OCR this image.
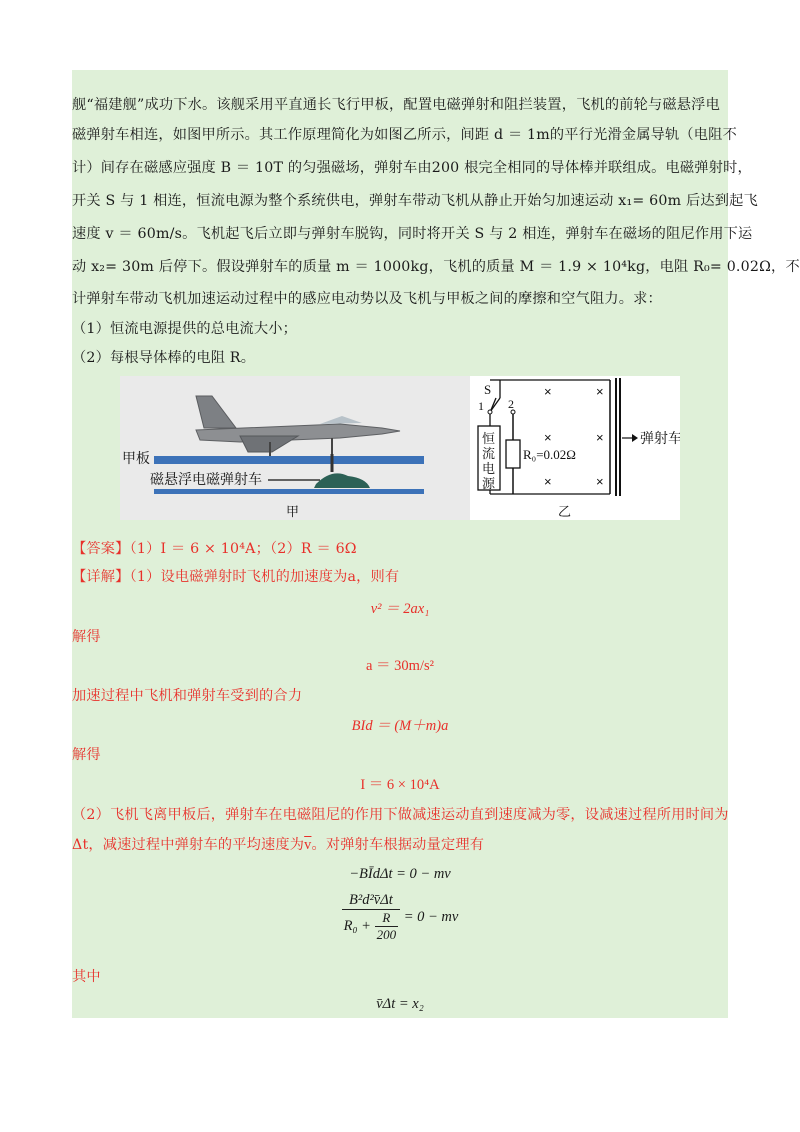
舰“福建舰”成功下水。该舰采用平直通长飞行甲板，配置电磁弹射和阻拦装置，飞机的前轮与磁悬浮电
磁弹射车相连，如图甲所示。其工作原理简化为如图乙所示，间距 d ＝ 1m的平行光滑金属导轨（电阻不
计）间存在磁感应强度 B ＝ 10T 的匀强磁场，弹射车由200 根完全相同的导体棒并联组成。电磁弹射时，
开关 S 与 1 相连，恒流电源为整个系统供电，弹射车带动飞机从静止开始匀加速运动 x₁= 60m 后达到起飞
速度 v ＝ 60m/s。飞机起飞后立即与弹射车脱钩，同时将开关 S 与 2 相连，弹射车在磁场的阻尼作用下运
动 x₂= 30m 后停下。假设弹射车的质量 m ＝ 1000kg，飞机的质量 M ＝ 1.9 × 10⁴kg，电阻 R₀= 0.02Ω，不
计弹射车带动飞机加速运动过程中的感应电动势以及飞机与甲板之间的摩擦和空气阻力。求：
（1）恒流电源提供的总电流大小；
（2）每根导体棒的电阻 R。
甲板
磁悬浮电磁弹射车
甲
S
1 2
恒
流
电
源
R₀=0.02Ω
×	×
×	×
×	×
弹射车
乙
【答案】（1）I ＝ 6 × 10⁴A；（2）R ＝ 6Ω
【详解】（1）设电磁弹射时飞机的加速度为a，则有
v² ＝ 2ax₁
解得
a ＝ 30m/s²
加速过程中飞机和弹射车受到的合力
BId ＝ (M＋m)a
解得
I ＝ 6 × 10⁴A
（2）飞机飞离甲板后，弹射车在电磁阻尼的作用下做减速运动直到速度减为零，设减速过程所用时间为
Δt，减速过程中弹射车的平均速度为$\overline{v}$。对弹射车根据动量定理有
−BĪdΔt = 0 − mv
$\frac{\text{B²d²v̄Δt}}{R_0 + \frac{R}{200}} = 0$ − mv
其中
v̄Δt = x₂
